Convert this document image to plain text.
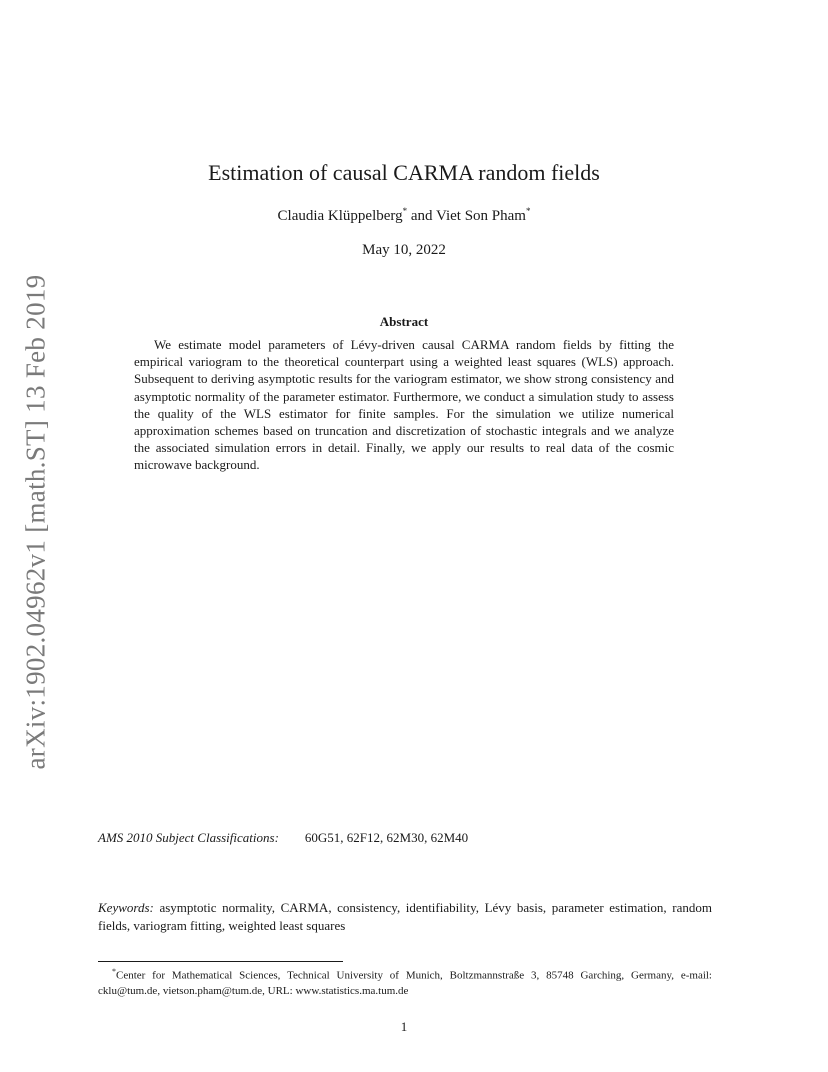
arXiv:1902.04962v1 [math.ST] 13 Feb 2019
Estimation of causal CARMA random fields
Claudia Klüppelberg* and Viet Son Pham*
May 10, 2022
Abstract
We estimate model parameters of Lévy-driven causal CARMA random fields by fitting the empirical variogram to the theoretical counterpart using a weighted least squares (WLS) approach. Subsequent to deriving asymptotic results for the variogram estimator, we show strong consistency and asymptotic normality of the parameter estimator. Furthermore, we conduct a simulation study to assess the quality of the WLS estimator for finite samples. For the simulation we utilize numerical approximation schemes based on truncation and discretization of stochastic integrals and we analyze the associated simulation errors in detail. Finally, we apply our results to real data of the cosmic microwave background.
AMS 2010 Subject Classifications: 60G51, 62F12, 62M30, 62M40
Keywords: asymptotic normality, CARMA, consistency, identifiability, Lévy basis, parameter estimation, random fields, variogram fitting, weighted least squares
*Center for Mathematical Sciences, Technical University of Munich, Boltzmannstraße 3, 85748 Garching, Germany, e-mail: cklu@tum.de, vietson.pham@tum.de, URL: www.statistics.ma.tum.de
1
